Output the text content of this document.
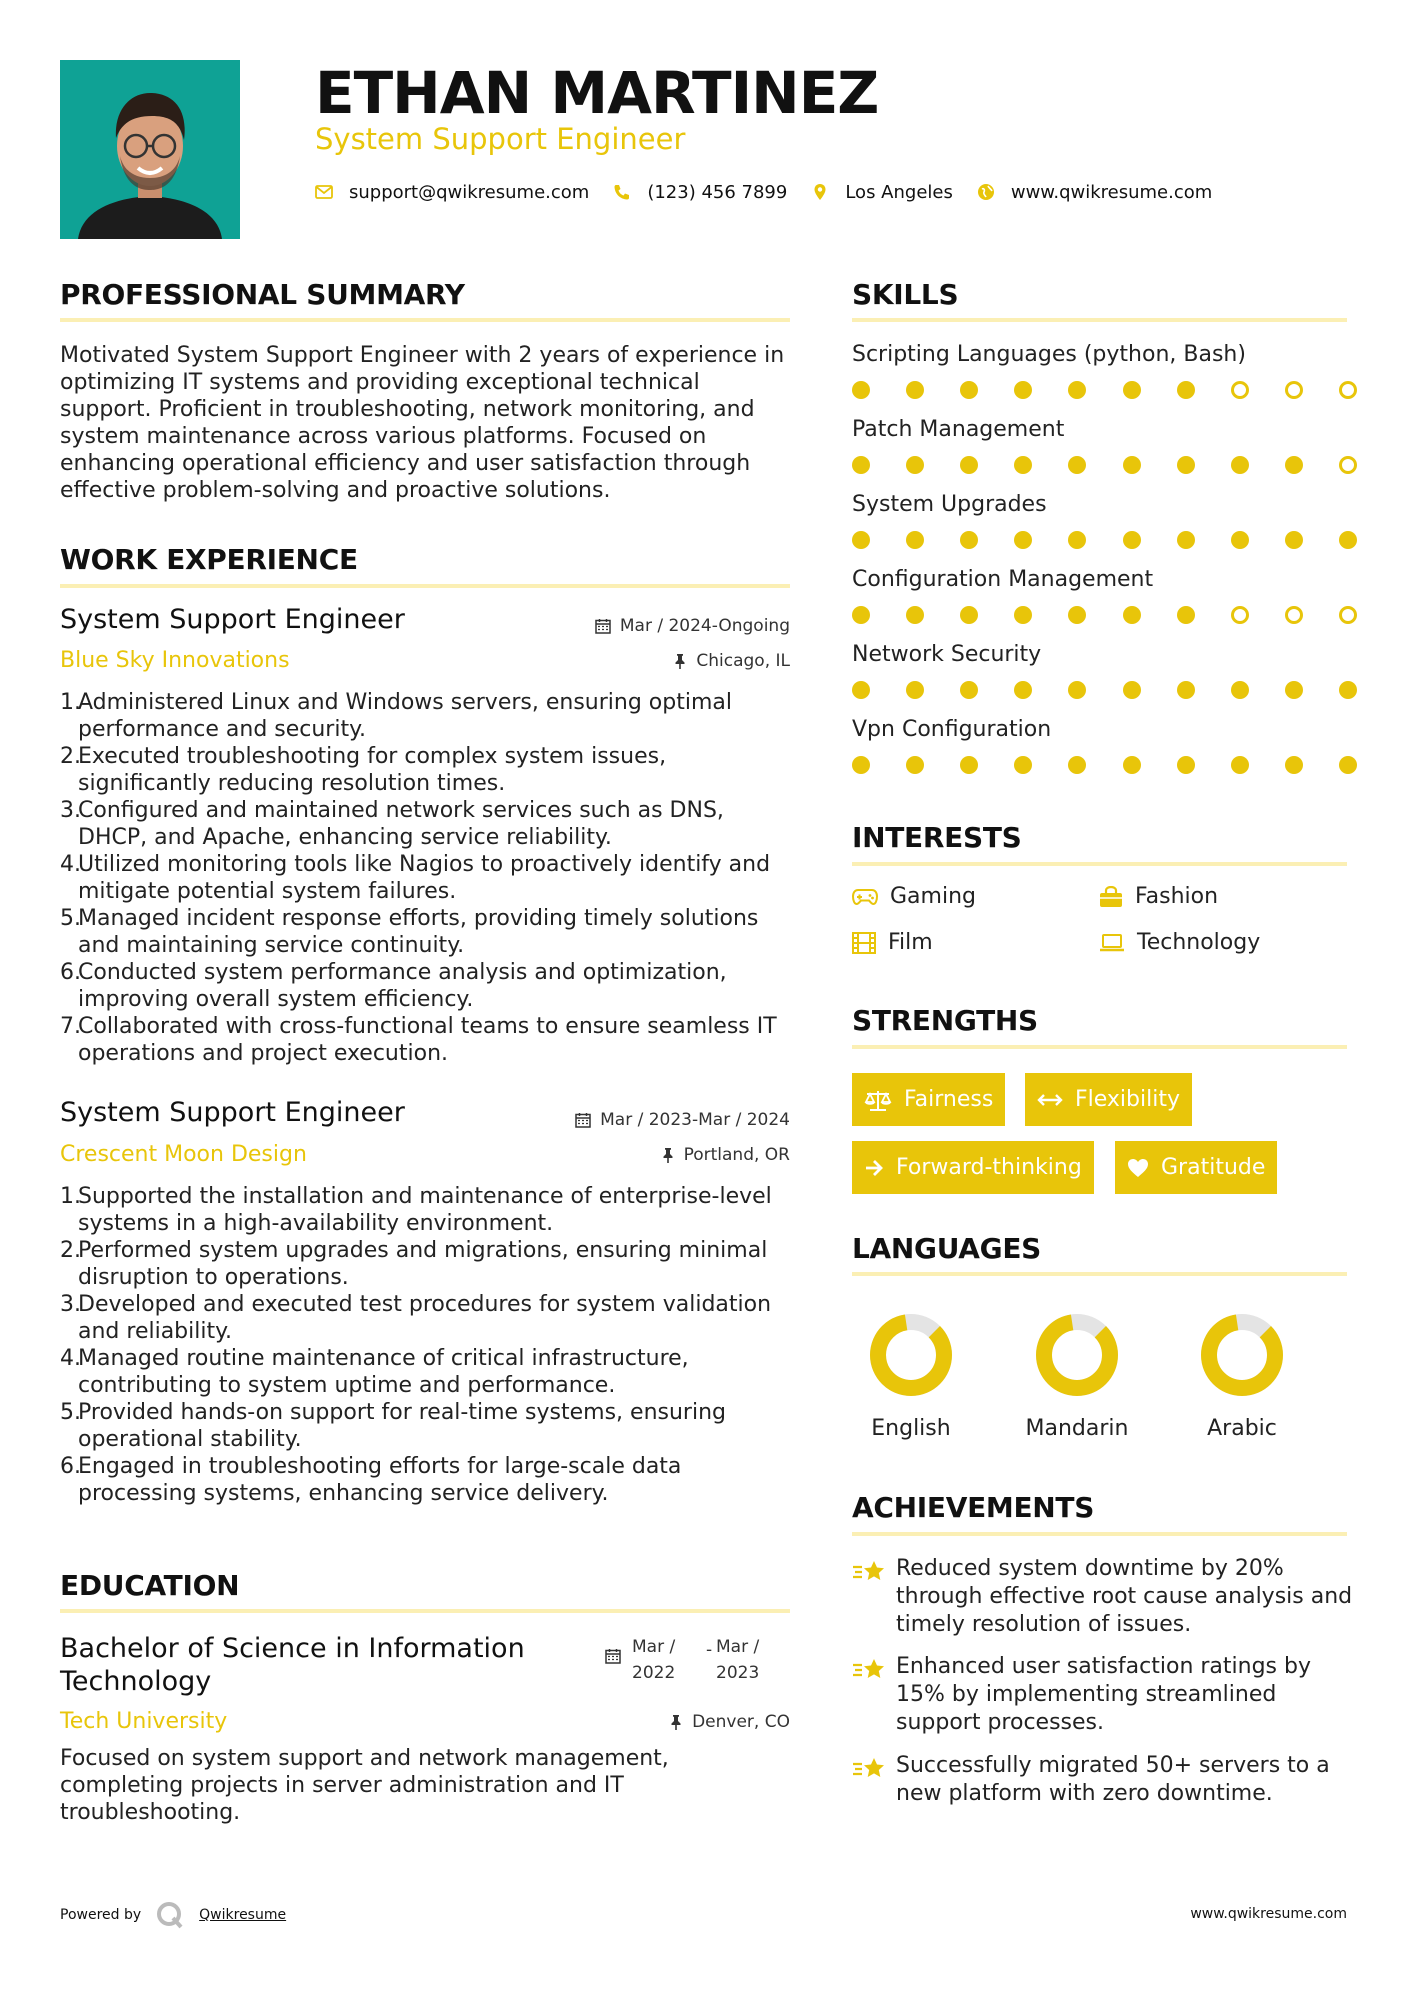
ETHAN MARTINEZ
System Support Engineer
support@qwikresume.com	(123) 456 7899	Los Angeles	www.qwikresume.com
PROFESSIONAL SUMMARY
Motivated System Support Engineer with 2 years of experience in optimizing IT systems and providing exceptional technical support. Proficient in troubleshooting, network monitoring, and system maintenance across various platforms. Focused on enhancing operational efficiency and user satisfaction through effective problem-solving and proactive solutions.
WORK EXPERIENCE
System Support Engineer	Mar / 2024-Ongoing
Blue Sky Innovations	Chicago, IL
1.
Administered Linux and Windows servers, ensuring optimal performance and security.
2.
Executed troubleshooting for complex system issues, significantly reducing resolution times.
3.
Configured and maintained network services such as DNS, DHCP, and Apache, enhancing service reliability.
4.
Utilized monitoring tools like Nagios to proactively identify and mitigate potential system failures.
5.
Managed incident response efforts, providing timely solutions and maintaining service continuity.
6.
Conducted system performance analysis and optimization, improving overall system efficiency.
7.
Collaborated with cross-functional teams to ensure seamless IT operations and project execution.
System Support Engineer	Mar / 2023-Mar / 2024
Crescent Moon Design	Portland, OR
1.
Supported the installation and maintenance of enterprise-level systems in a high-availability environment.
2.
Performed system upgrades and migrations, ensuring minimal disruption to operations.
3.
Developed and executed test procedures for system validation and reliability.
4.
Managed routine maintenance of critical infrastructure, contributing to system uptime and performance.
5.
Provided hands-on support for real-time systems, ensuring operational stability.
6.
Engaged in troubleshooting efforts for large-scale data processing systems, enhancing service delivery.
EDUCATION
Bachelor of Science in Information Technology
Mar / 2022
- Mar / 2023
Tech University	Denver, CO
Focused on system support and network management, completing projects in server administration and IT troubleshooting.
SKILLS
Scripting Languages (python, Bash)
Patch Management
System Upgrades
Configuration Management
Network Security
Vpn Configuration
INTERESTS
Gaming	Fashion
Film	Technology
STRENGTHS
Fairness	Flexibility
Forward-thinking	Gratitude
LANGUAGES
English	Mandarin	Arabic
ACHIEVEMENTS
Reduced system downtime by 20% through effective root cause analysis and timely resolution of issues.
Enhanced user satisfaction ratings by 15% by implementing streamlined support processes.
Successfully migrated 50+ servers to a new platform with zero downtime.
Powered by	Qwikresume	www.qwikresume.com
